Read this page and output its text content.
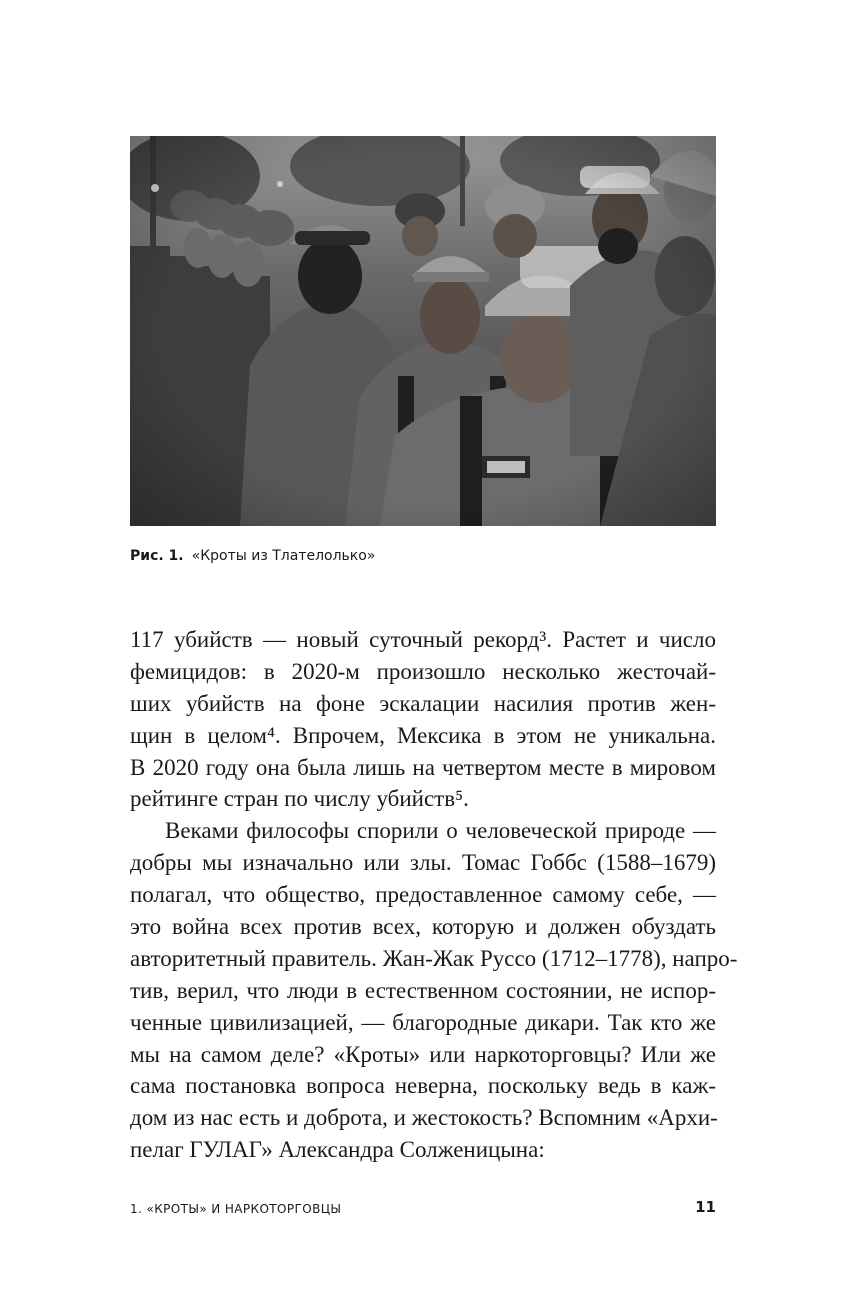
Рис. 1. «Кроты из Тлателолько»
117 убийств — новый суточный рекорд³. Растет и число
фемицидов: в 2020-м произошло несколько жесточай-
ших убийств на фоне эскалации насилия против жен-
щин в целом⁴. Впрочем, Мексика в этом не уникальна.
В 2020 году она была лишь на четвертом месте в мировом
рейтинге стран по числу убийств⁵.
Веками философы спорили о человеческой природе —
добры мы изначально или злы. Томас Гоббс (1588–1679)
полагал, что общество, предоставленное самому себе, —
это война всех против всех, которую и должен обуздать
авторитетный правитель. Жан-Жак Руссо (1712–1778), напро-
тив, верил, что люди в естественном состоянии, не испор-
ченные цивилизацией, — благородные дикари. Так кто же
мы на самом деле? «Кроты» или наркоторговцы? Или же
сама постановка вопроса неверна, поскольку ведь в каж-
дом из нас есть и доброта, и жестокость? Вспомним «Архи-
пелаг ГУЛАГ» Александра Солженицына:
1. «КРОТЫ» И НАРКОТОРГОВЦЫ	11
